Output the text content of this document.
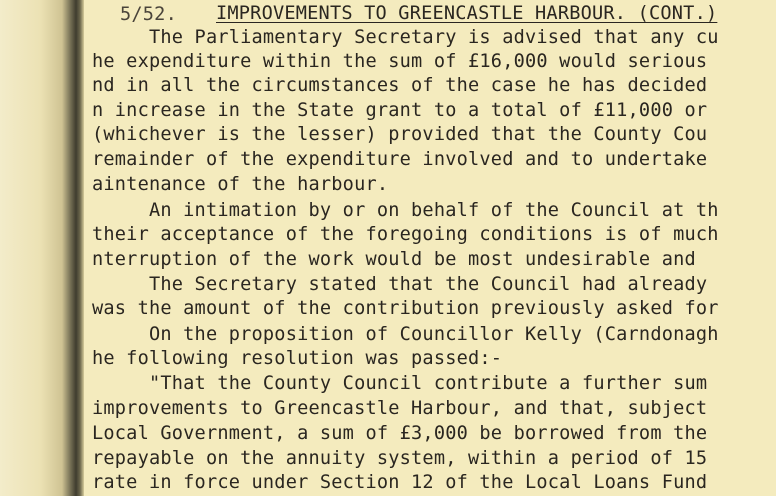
5/52. IMPROVEMENTS TO GREENCASTLE HARBOUR. (CONT.)
The Parliamentary Secretary is advised that any cu
he expenditure within the sum of £16,000 would serious
nd in all the circumstances of the case he has decided
n increase in the State grant to a total of £11,000 or
(whichever is the lesser) provided that the County Cou
remainder of the expenditure involved and to undertake
aintenance of the harbour.
An intimation by or on behalf of the Council at th
their acceptance of the foregoing conditions is of much
nterruption of the work would be most undesirable and
The Secretary stated that the Council had already
was the amount of the contribution previously asked for
On the proposition of Councillor Kelly (Carndonagh
he following resolution was passed:-
"That the County Council contribute a further sum
improvements to Greencastle Harbour, and that, subject
Local Government, a sum of £3,000 be borrowed from the
repayable on the annuity system, within a period of 15
rate in force under Section 12 of the Local Loans Fund
